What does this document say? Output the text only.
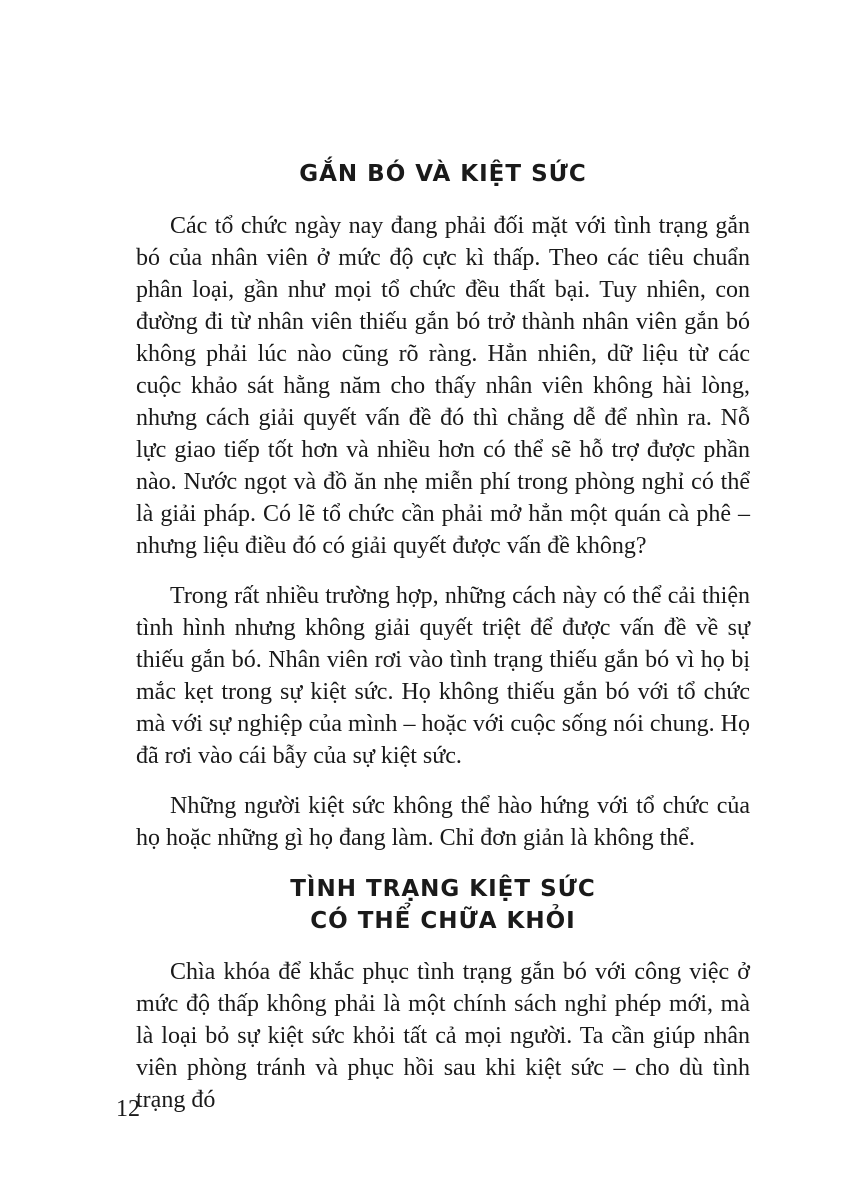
GẮN BÓ VÀ KIỆT SỨC

Các tổ chức ngày nay đang phải đối mặt với tình trạng gắn bó của nhân viên ở mức độ cực kì thấp. Theo các tiêu chuẩn phân loại, gần như mọi tổ chức đều thất bại. Tuy nhiên, con đường đi từ nhân viên thiếu gắn bó trở thành nhân viên gắn bó không phải lúc nào cũng rõ ràng. Hẳn nhiên, dữ liệu từ các cuộc khảo sát hằng năm cho thấy nhân viên không hài lòng, nhưng cách giải quyết vấn đề đó thì chẳng dễ để nhìn ra. Nỗ lực giao tiếp tốt hơn và nhiều hơn có thể sẽ hỗ trợ được phần nào. Nước ngọt và đồ ăn nhẹ miễn phí trong phòng nghỉ có thể là giải pháp. Có lẽ tổ chức cần phải mở hẳn một quán cà phê – nhưng liệu điều đó có giải quyết được vấn đề không?

Trong rất nhiều trường hợp, những cách này có thể cải thiện tình hình nhưng không giải quyết triệt để được vấn đề về sự thiếu gắn bó. Nhân viên rơi vào tình trạng thiếu gắn bó vì họ bị mắc kẹt trong sự kiệt sức. Họ không thiếu gắn bó với tổ chức mà với sự nghiệp của mình – hoặc với cuộc sống nói chung. Họ đã rơi vào cái bẫy của sự kiệt sức.

Những người kiệt sức không thể hào hứng với tổ chức của họ hoặc những gì họ đang làm. Chỉ đơn giản là không thể.

TÌNH TRẠNG KIỆT SỨC
CÓ THỂ CHỮA KHỎI

Chìa khóa để khắc phục tình trạng gắn bó với công việc ở mức độ thấp không phải là một chính sách nghỉ phép mới, mà là loại bỏ sự kiệt sức khỏi tất cả mọi người. Ta cần giúp nhân viên phòng tránh và phục hồi sau khi kiệt sức – cho dù tình trạng đó

12
